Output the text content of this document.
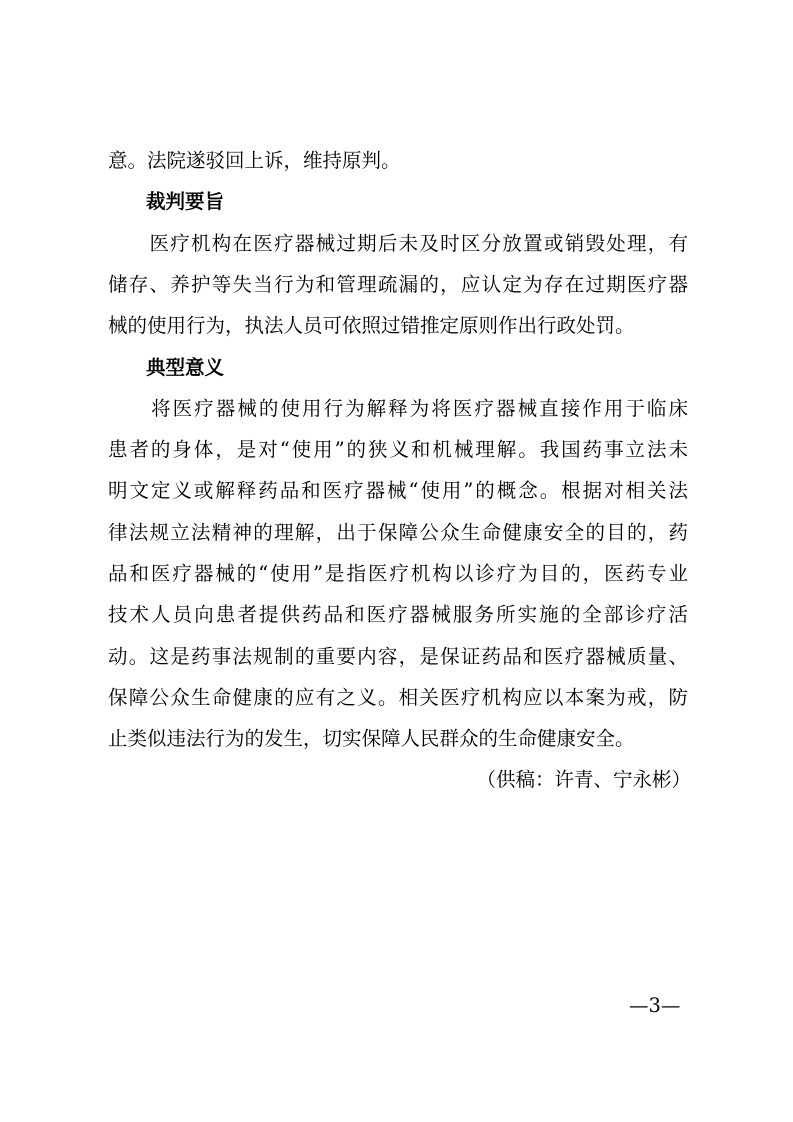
意。法院遂驳回上诉，维持原判。
裁判要旨
　　医疗机构在医疗器械过期后未及时区分放置或销毁处理，有
储存、养护等失当行为和管理疏漏的，应认定为存在过期医疗器
械的使用行为，执法人员可依照过错推定原则作出行政处罚。
典型意义
　　将医疗器械的使用行为解释为将医疗器械直接作用于临床
患者的身体，是对“使用”的狭义和机械理解。我国药事立法未
明文定义或解释药品和医疗器械“使用”的概念。根据对相关法
律法规立法精神的理解，出于保障公众生命健康安全的目的，药
品和医疗器械的“使用”是指医疗机构以诊疗为目的，医药专业
技术人员向患者提供药品和医疗器械服务所实施的全部诊疗活
动。这是药事法规制的重要内容，是保证药品和医疗器械质量、
保障公众生命健康的应有之义。相关医疗机构应以本案为戒，防
止类似违法行为的发生，切实保障人民群众的生命健康安全。
（供稿：许青、宁永彬）
—3—
